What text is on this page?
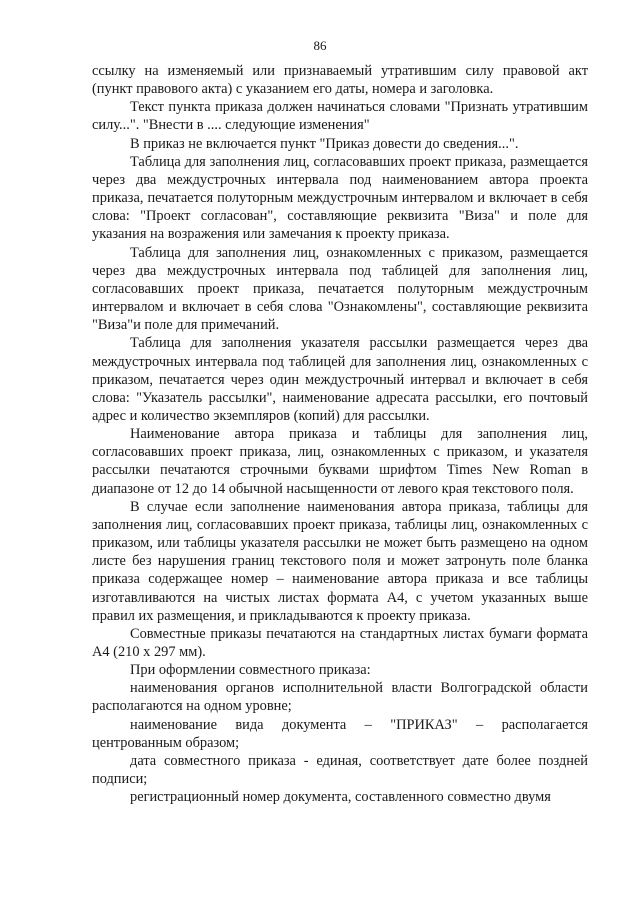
86

ссылку на изменяемый или признаваемый утратившим силу правовой акт (пункт правового акта) с указанием его даты, номера и заголовка.

Текст пункта приказа должен начинаться словами "Признать утратившим силу...". "Внести в .... следующие изменения"

В приказ не включается пункт "Приказ довести до сведения...".

Таблица для заполнения лиц, согласовавших проект приказа, размещается через два междустрочных интервала под наименованием автора проекта приказа, печатается полуторным междустрочным интервалом и включает в себя слова: "Проект согласован", составляющие реквизита "Виза" и поле для указания на возражения или замечания к проекту приказа.

Таблица для заполнения лиц, ознакомленных с приказом, размещается через два междустрочных интервала под таблицей для заполнения лиц, согласовавших проект приказа, печатается полуторным междустрочным интервалом и включает в себя слова "Ознакомлены", составляющие реквизита "Виза"и поле для примечаний.

Таблица для заполнения указателя рассылки размещается через два междустрочных интервала под таблицей для заполнения лиц, ознакомленных с приказом, печатается через один междустрочный интервал и включает в себя слова: "Указатель рассылки", наименование адресата рассылки, его почтовый адрес и количество экземпляров (копий) для рассылки.

Наименование автора приказа и таблицы для заполнения лиц, согласовавших проект приказа, лиц, ознакомленных с приказом, и указателя рассылки печатаются строчными буквами шрифтом Times New Roman в диапазоне от 12 до 14 обычной насыщенности от левого края текстового поля.

В случае если заполнение наименования автора приказа, таблицы для заполнения лиц, согласовавших проект приказа, таблицы лиц, ознакомленных с приказом, или таблицы указателя рассылки не может быть размещено на одном листе без нарушения границ текстового поля и может затронуть поле бланка приказа содержащее номер – наименование автора приказа и все таблицы изготавливаются на чистых листах формата А4, с учетом указанных выше правил их размещения, и прикладываются к проекту приказа.

Совместные приказы печатаются на стандартных листах бумаги формата А4 (210 х 297 мм).

При оформлении совместного приказа:

наименования органов исполнительной власти Волгоградской области располагаются на одном уровне;

наименование вида документа – "ПРИКАЗ" – располагается центрованным образом;

дата совместного приказа - единая, соответствует дате более поздней подписи;

регистрационный номер документа, составленного совместно двумя
